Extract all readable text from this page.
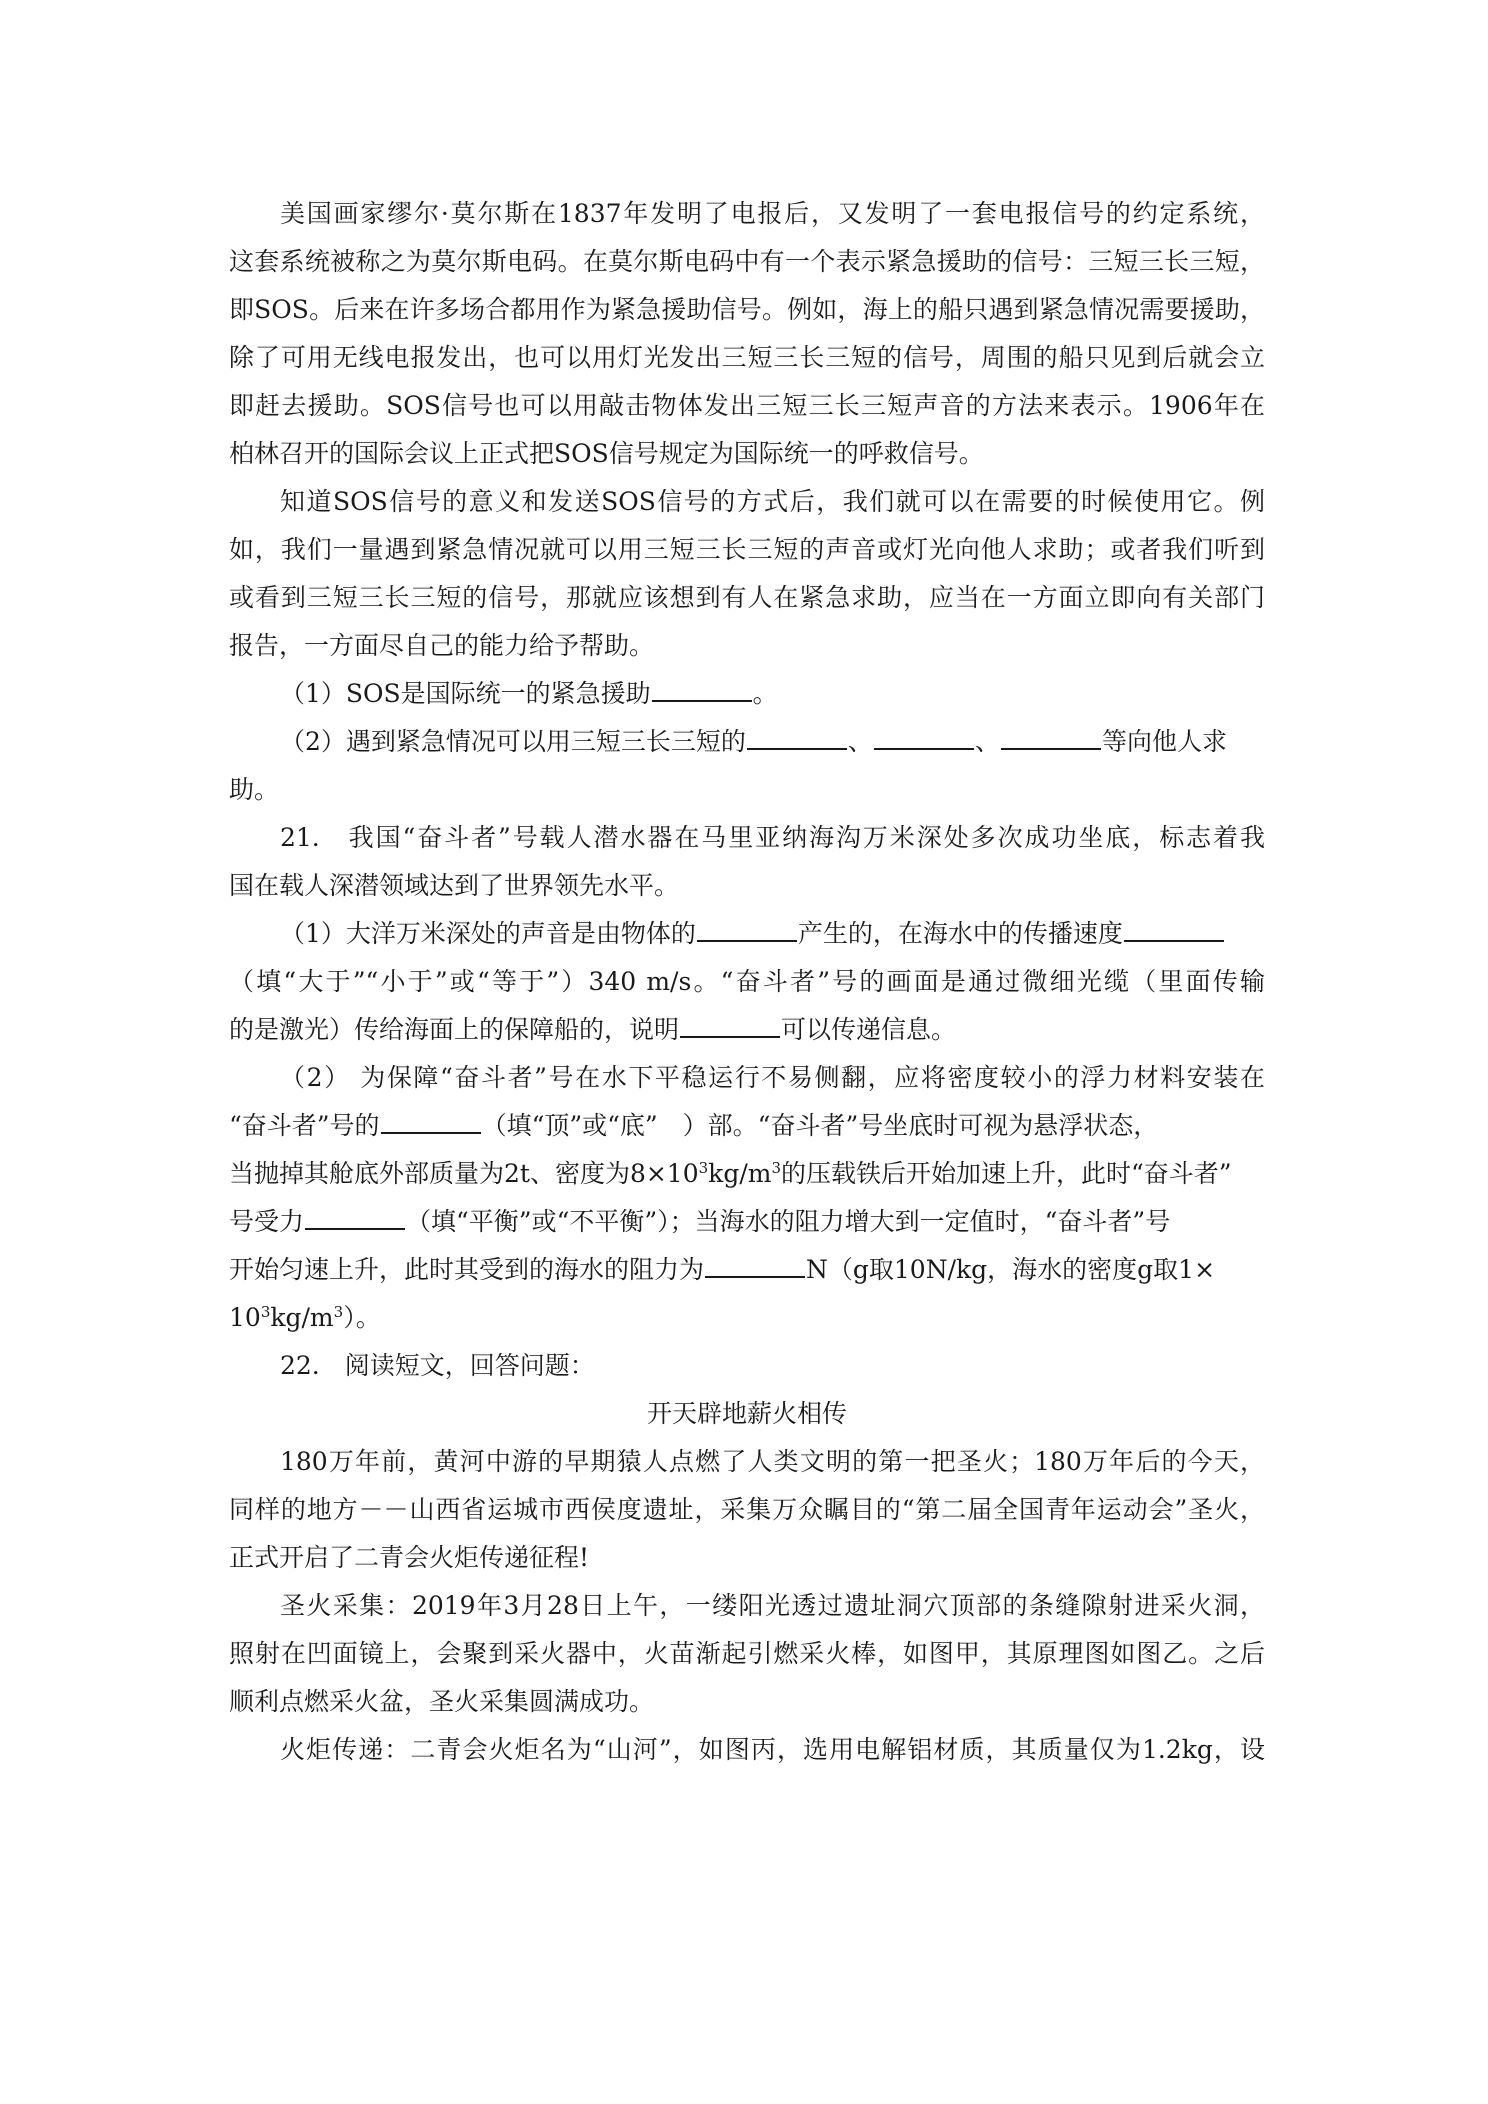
美国画家缪尔·莫尔斯在1837年发明了电报后，又发明了一套电报信号的约定系统，
这套系统被称之为莫尔斯电码。在莫尔斯电码中有一个表示紧急援助的信号：三短三长三短，
即SOS。后来在许多场合都用作为紧急援助信号。例如，海上的船只遇到紧急情况需要援助，
除了可用无线电报发出，也可以用灯光发出三短三长三短的信号，周围的船只见到后就会立
即赶去援助。SOS信号也可以用敲击物体发出三短三长三短声音的方法来表示。1906年在
柏林召开的国际会议上正式把SOS信号规定为国际统一的呼救信号。
知道SOS信号的意义和发送SOS信号的方式后，我们就可以在需要的时候使用它。例
如，我们一量遇到紧急情况就可以用三短三长三短的声音或灯光向他人求助；或者我们听到
或看到三短三长三短的信号，那就应该想到有人在紧急求助，应当在一方面立即向有关部门
报告，一方面尽自己的能力给予帮助。
（1）SOS是国际统一的紧急援助	。
（2）遇到紧急情况可以用三短三长三短的	、	、	等向他人求
助。
21.　我国“奋斗者”号载人潜水器在马里亚纳海沟万米深处多次成功坐底，标志着我
国在载人深潜领域达到了世界领先水平。
（1）大洋万米深处的声音是由物体的	产生的，在海水中的传播速度
（填“大于”“小于”或“等于”）340 m/s。“奋斗者”号的画面是通过微细光缆（里面传输
的是激光）传给海面上的保障船的，说明	可以传递信息。
（2） 为保障“奋斗者”号在水下平稳运行不易侧翻，应将密度较小的浮力材料安装在
“奋斗者”号的	（填“顶”或“底”　）部。“奋斗者”号坐底时可视为悬浮状态，
当抛掉其舱底外部质量为2t、密度为$8\times 10^3kg/m^3$的压载铁后开始加速上升，此时“奋斗者”
号受力	（填“平衡”或“不平衡”）；当海水的阻力增大到一定值时，“奋斗者”号
开始匀速上升，此时其受到的海水的阻力为	N（g取10N/kg，海水的密度g取1×
$10^3kg/m^3$）。
22.　阅读短文，回答问题：
开天辟地薪火相传
180万年前，黄河中游的早期猿人点燃了人类文明的第一把圣火；180万年后的今天，
同样的地方－－山西省运城市西侯度遗址，采集万众瞩目的“第二届全国青年运动会”圣火，
正式开启了二青会火炬传递征程!
圣火采集：2019年3月28日上午，一缕阳光透过遗址洞穴顶部的条缝隙射进采火洞，
照射在凹面镜上，会聚到采火器中，火苗渐起引燃采火棒，如图甲，其原理图如图乙。之后
顺利点燃采火盆，圣火采集圆满成功。
火炬传递：二青会火炬名为“山河”，如图丙，选用电解铝材质，其质量仅为1.2kg，设
